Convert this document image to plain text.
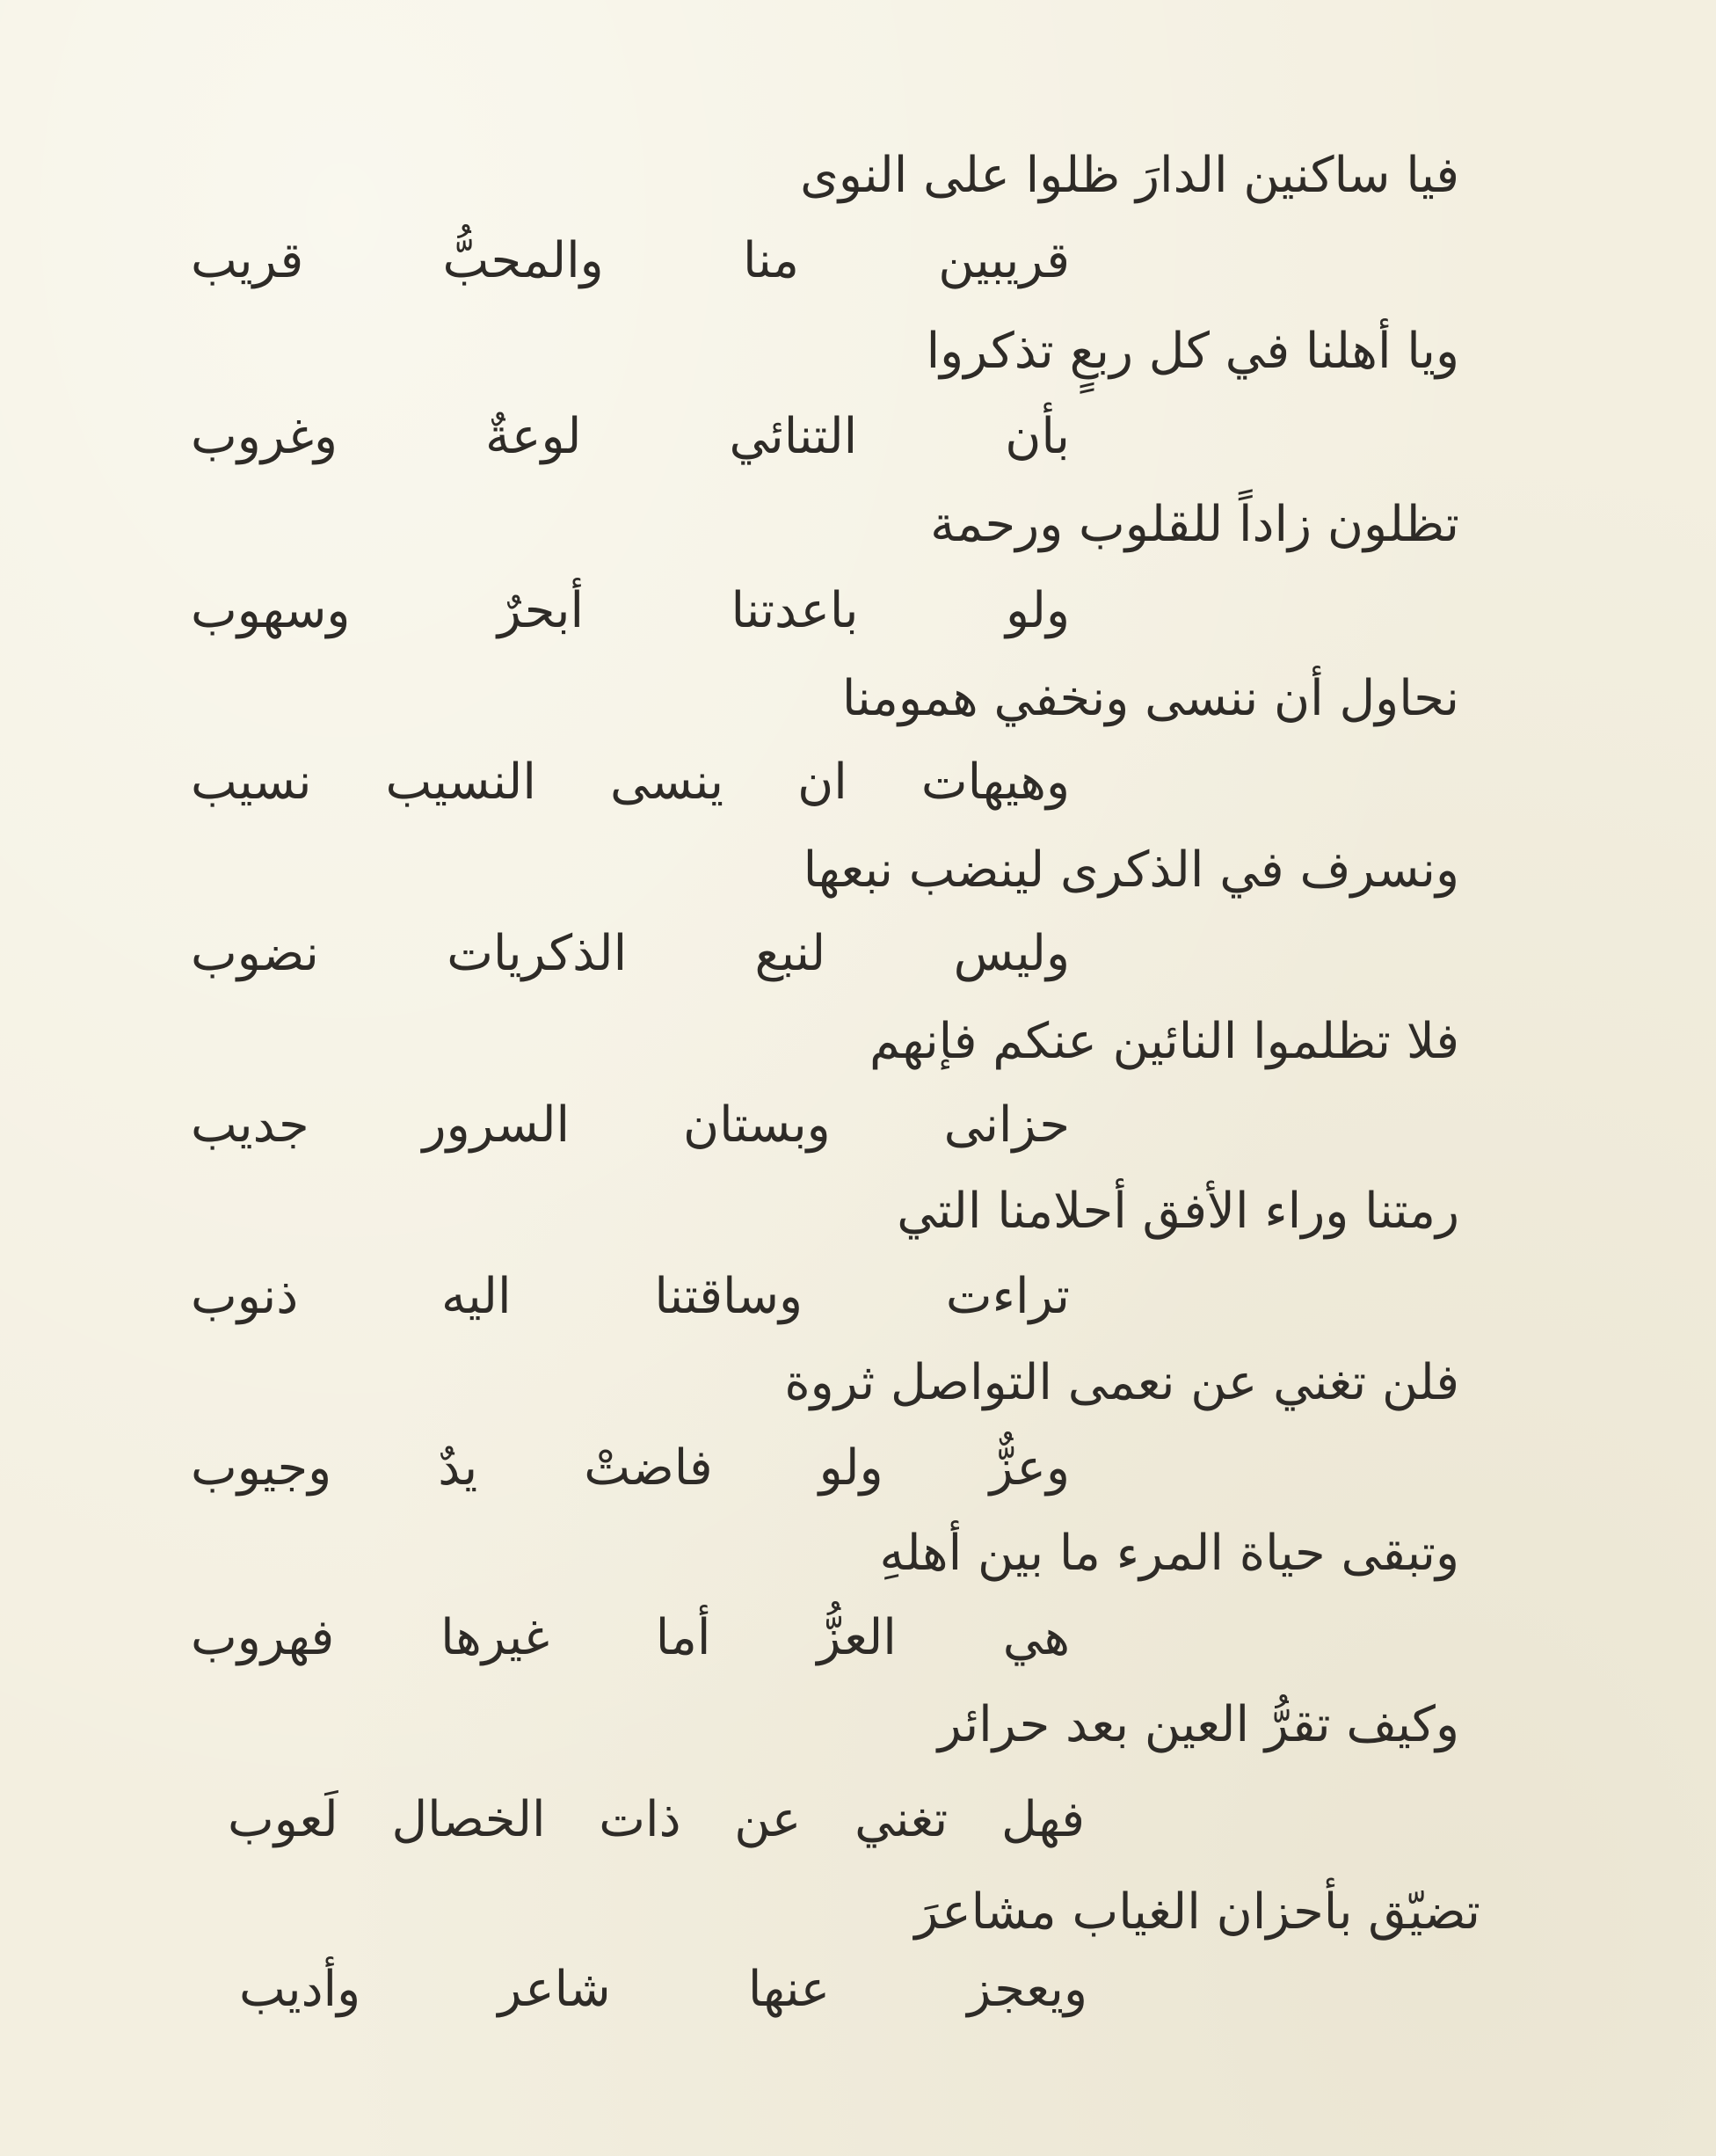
فيا ساكنين الدارَ ظلوا على النوى

قريبين منا والمحبُّ قريب

ويا أهلنا في كل ربعٍ تذكروا

بأن التنائي لوعةٌ وغروب

تظلون زاداً للقلوب ورحمة

ولو باعدتنا أبحرٌ وسهوب

نحاول أن ننسى ونخفي همومنا

وهيهات ان ينسى النسيب نسيب

ونسرف في الذكرى لينضب نبعها

وليس لنبع الذكريات نضوب

فلا تظلموا النائين عنكم فإنهم

حزانى وبستان السرور جديب

رمتنا وراء الأفق أحلامنا التي

تراءت وساقتنا اليه ذنوب

فلن تغني عن نعمى التواصل ثروة

وعزٌّ ولو فاضتْ يدٌ وجيوب

وتبقى حياة المرء ما بين أهلهِ

هي العزُّ أما غيرها فهروب

وكيف تقرُّ العين بعد حرائر

فهل تغني عن ذات الخصال لَعوب

تضيّق بأحزان الغياب مشاعرَ

ويعجز عنها شاعر وأديب
